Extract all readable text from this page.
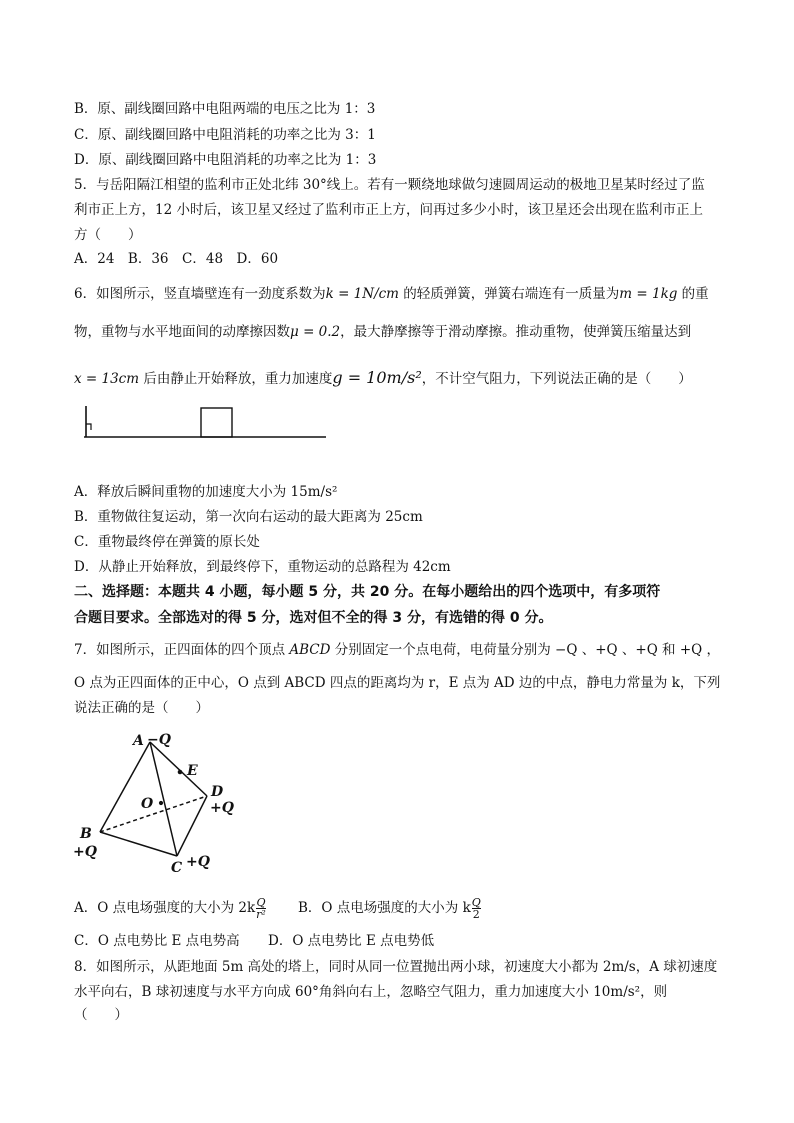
B．原、副线圈回路中电阻两端的电压之比为 1：3
C．原、副线圈回路中电阻消耗的功率之比为 3：1
D．原、副线圈回路中电阻消耗的功率之比为 1：3
5．与岳阳隔江相望的监利市正处北纬 30°线上。若有一颗绕地球做匀速圆周运动的极地卫星某时经过了监
利市正上方，12 小时后，该卫星又经过了监利市正上方，问再过多少小时，该卫星还会出现在监利市正上
方（　　）
A．24　B．36　C．48　D．60
6．如图所示，竖直墙壁连有一劲度系数为k = 1N/cm 的轻质弹簧，弹簧右端连有一质量为m = 1kg 的重
物，重物与水平地面间的动摩擦因数μ = 0.2，最大静摩擦等于滑动摩擦。推动重物，使弹簧压缩量达到
x = 13cm 后由静止开始释放，重力加速度g = 10m/s²，不计空气阻力，下列说法正确的是（　　）
A．释放后瞬间重物的加速度大小为 15m/s²
B．重物做往复运动，第一次向右运动的最大距离为 25cm
C．重物最终停在弹簧的原长处
D．从静止开始释放，到最终停下，重物运动的总路程为 42cm
二、选择题：本题共 4 小题，每小题 5 分，共 20 分。在每小题给出的四个选项中，有多项符
合题目要求。全部选对的得 5 分，选对但不全的得 3 分，有选错的得 0 分。
7．如图所示，正四面体的四个顶点 ABCD 分别固定一个点电荷，电荷量分别为 −Q 、+Q 、+Q 和 +Q ，
O 点为正四面体的正中心，O 点到 ABCD 四点的距离均为 r，E 点为 AD 边的中点，静电力常量为 k，下列
说法正确的是（　　）
A −Q
E
D
+Q
O
B
+Q
C +Q
A．O 点电场强度的大小为 $2k \frac{Q}{\text{r²}}$ B．O 点电场强度的大小为 k $\frac{Q}{2}$
C．O 点电势比 E 点电势高 D．O 点电势比 E 点电势低
8．如图所示，从距地面 5m 高处的塔上，同时从同一位置抛出两小球，初速度大小都为 2m/s，A 球初速度
水平向右，B 球初速度与水平方向成 60°角斜向右上，忽略空气阻力，重力加速度大小 10m/s²，则
（　　）
